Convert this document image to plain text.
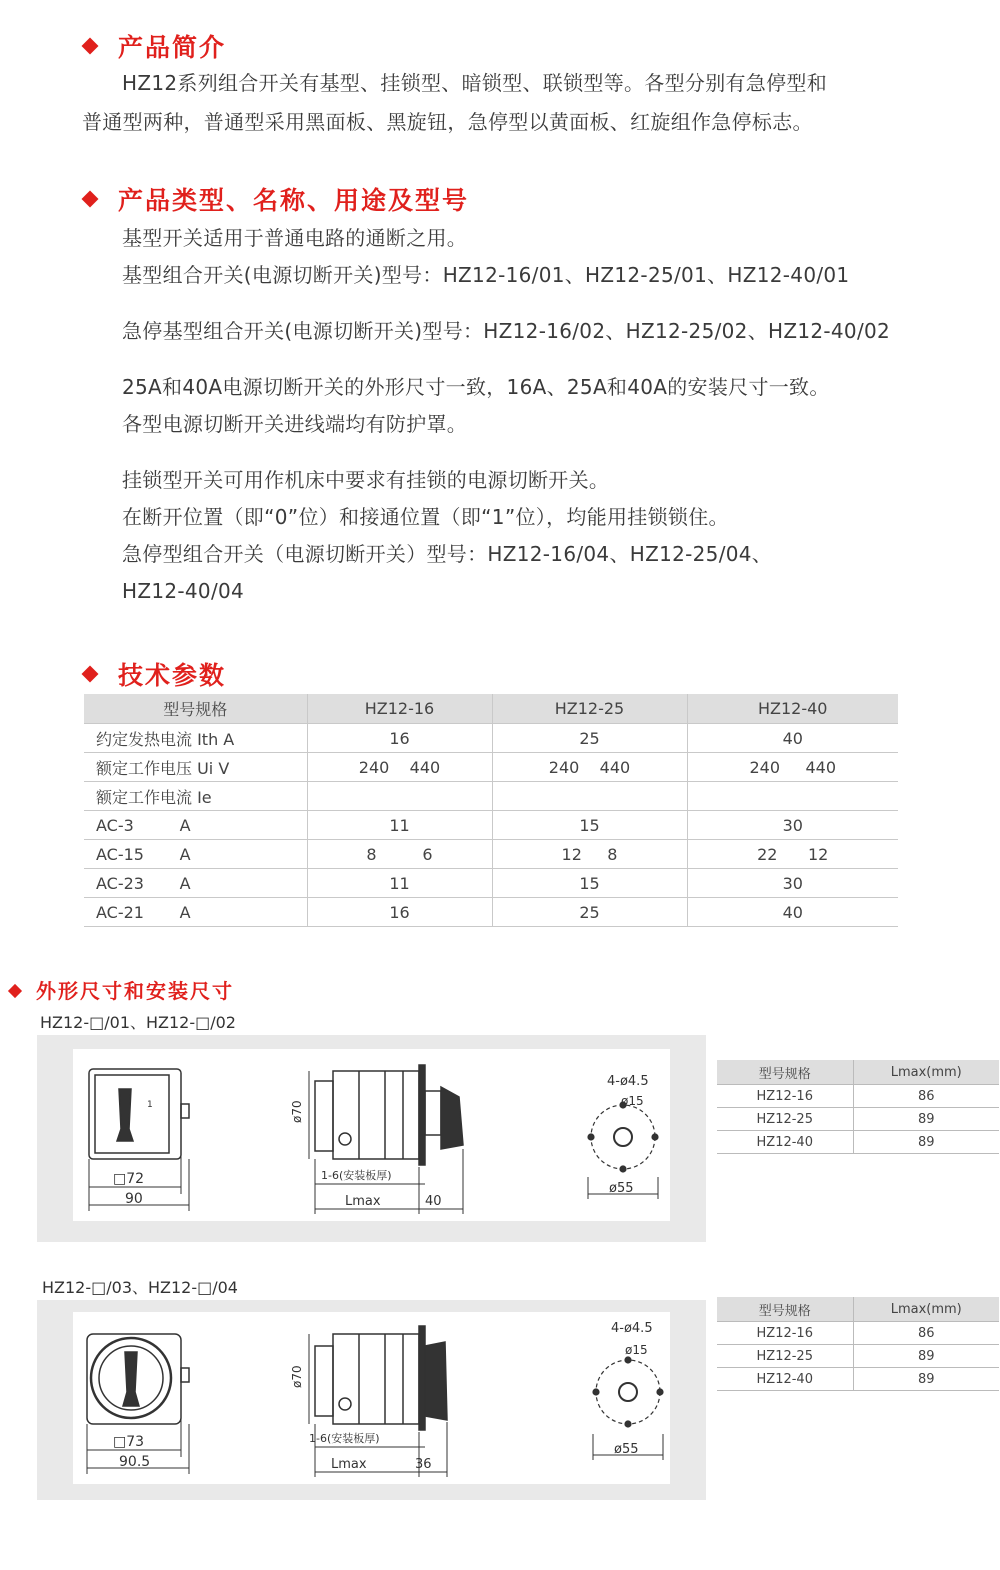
产品简介
HZ12系列组合开关有基型、挂锁型、暗锁型、联锁型等。各型分别有急停型和
普通型两种，普通型采用黑面板、黑旋钮，急停型以黄面板、红旋组作急停标志。
产品类型、名称、用途及型号
基型开关适用于普通电路的通断之用。
基型组合开关(电源切断开关)型号：HZ12-16/01、HZ12-25/01、HZ12-40/01
急停基型组合开关(电源切断开关)型号：HZ12-16/02、HZ12-25/02、HZ12-40/02
25A和40A电源切断开关的外形尺寸一致，16A、25A和40A的安装尺寸一致。
各型电源切断开关进线端均有防护罩。
挂锁型开关可用作机床中要求有挂锁的电源切断开关。
在断开位置（即“0”位）和接通位置（即“1”位），均能用挂锁锁住。
急停型组合开关（电源切断开关）型号：HZ12-16/04、HZ12-25/04、
HZ12-40/04
技术参数
型号规格	HZ12-16	HZ12-25	HZ12-40
约定发热电流 Ith A	16	25	40
额定工作电压 Ui V	240    440	240    440	240     440
额定工作电流 Ie			
AC-3         A	11	15	30
AC-15       A	8         6	12     8	22      12
AC-23       A	11	15	30
AC-21       A	16	25	40
外形尺寸和安装尺寸
HZ12-□/01、HZ12-□/02
1
□72
90
ø70
1-6(安装板厚)
Lmax	40
4-ø4.5
ø15
ø55
型号规格	Lmax(mm)
HZ12-16	86
HZ12-25	89
HZ12-40	89
HZ12-□/03、HZ12-□/04
□73
90.5
ø70
1-6(安装板厚)
Lmax	36
4-ø4.5
ø15
ø55
型号规格	Lmax(mm)
HZ12-16	86
HZ12-25	89
HZ12-40	89
